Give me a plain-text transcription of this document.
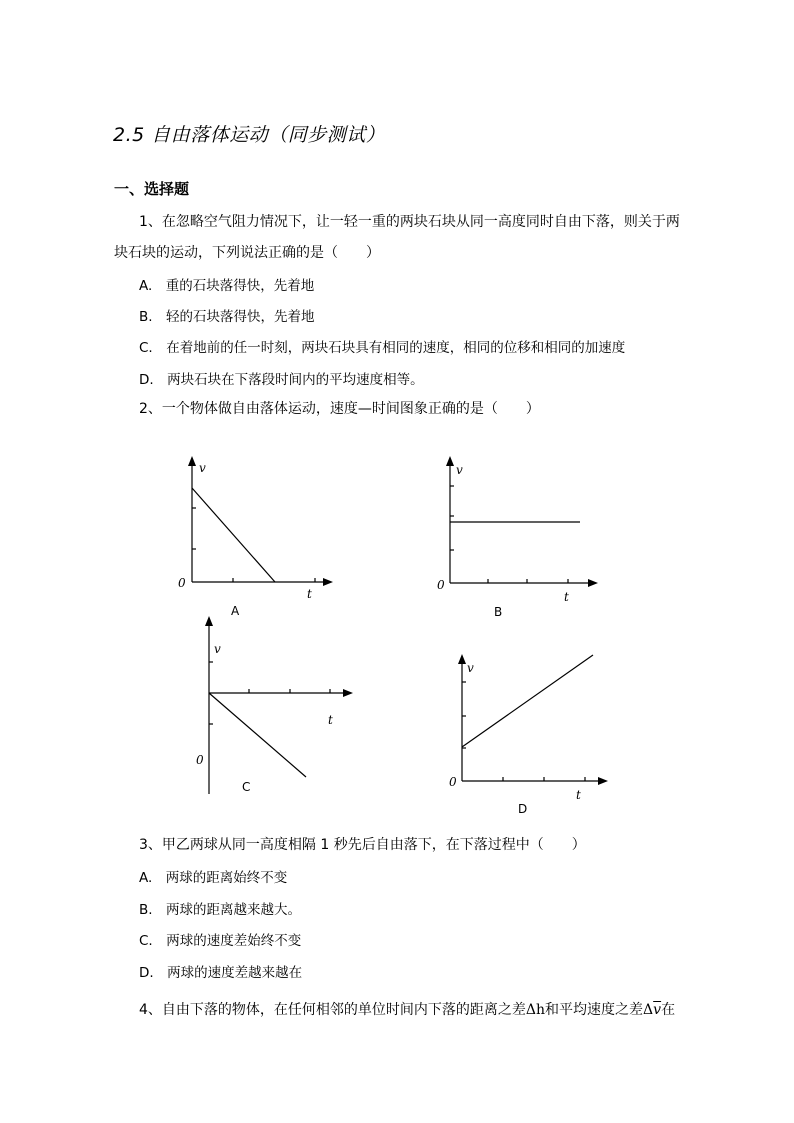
2.5 自由落体运动（同步测试）
一、选择题
1、在忽略空气阻力情况下，让一轻一重的两块石块从同一高度同时自由下落，则关于两
块石块的运动，下列说法正确的是（　　）
A.　重的石块落得快，先着地
B.　轻的石块落得快，先着地
C.　在着地前的任一时刻，两块石块具有相同的速度，相同的位移和相同的加速度
D.　两块石块在下落段时间内的平均速度相等。
2、一个物体做自由落体运动，速度—时间图象正确的是（　　）
v
0
t
A
v
0
t
B
v
0
t
C
v
0
t
D
3、甲乙两球从同一高度相隔 1 秒先后自由落下，在下落过程中（　　）
A.　两球的距离始终不变
B.　两球的距离越来越大。
C.　两球的速度差始终不变
D.　两球的速度差越来越在
4、自由下落的物体，在任何相邻的单位时间内下落的距离之差Δh和平均速度之差$\Delta\overline{v}$在
